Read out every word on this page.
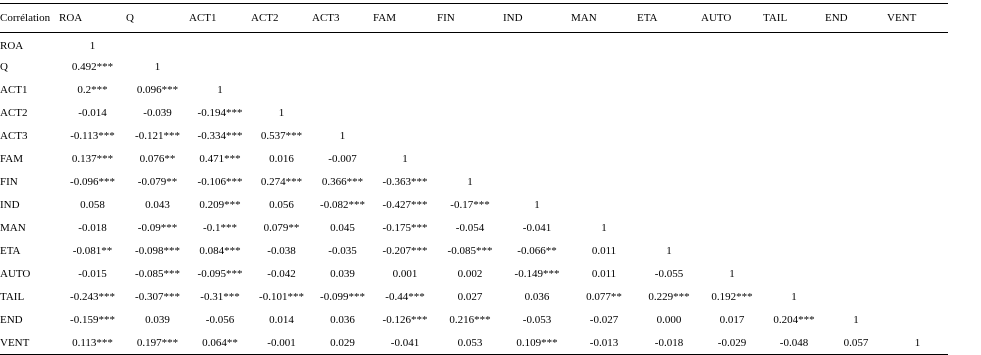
Corrélation	ROA	Q	ACT1	ACT2	ACT3	FAM	FIN	IND	MAN	ETA	AUTO	TAIL	END	VENT
ROA	1													
Q	0.492***	1												
ACT1	0.2***	0.096***	1											
ACT2	-0.014	-0.039	-0.194***	1										
ACT3	-0.113***	-0.121***	-0.334***	0.537***	1									
FAM	0.137***	0.076**	0.471***	0.016	-0.007	1								
FIN	-0.096***	-0.079**	-0.106***	0.274***	0.366***	-0.363***	1							
IND	0.058	0.043	0.209***	0.056	-0.082***	-0.427***	-0.17***	1						
MAN	-0.018	-0.09***	-0.1***	0.079**	0.045	-0.175***	-0.054	-0.041	1					
ETA	-0.081**	-0.098***	0.084***	-0.038	-0.035	-0.207***	-0.085***	-0.066**	0.011	1				
AUTO	-0.015	-0.085***	-0.095***	-0.042	0.039	0.001	0.002	-0.149***	0.011	-0.055	1			
TAIL	-0.243***	-0.307***	-0.31***	-0.101***	-0.099***	-0.44***	0.027	0.036	0.077**	0.229***	0.192***	1		
END	-0.159***	0.039	-0.056	0.014	0.036	-0.126***	0.216***	-0.053	-0.027	0.000	0.017	0.204***	1	
VENT	0.113***	0.197***	0.064**	-0.001	0.029	-0.041	0.053	0.109***	-0.013	-0.018	-0.029	-0.048	0.057	1
